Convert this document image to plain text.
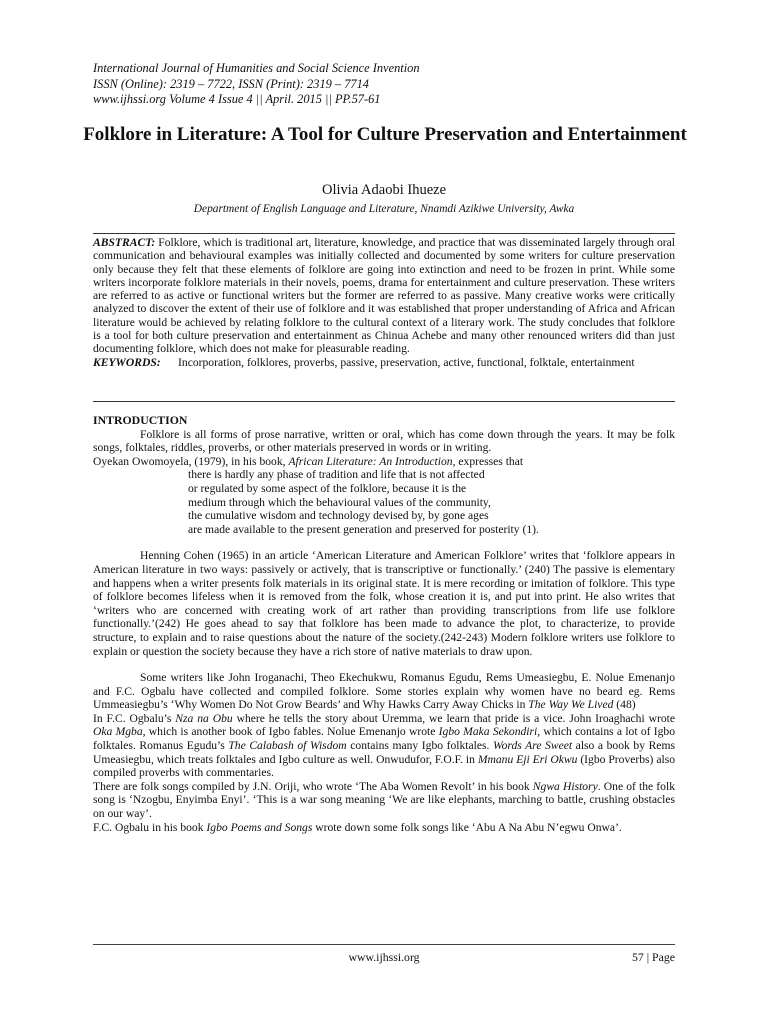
International Journal of Humanities and Social Science Invention
ISSN (Online): 2319 – 7722, ISSN (Print): 2319 – 7714
www.ijhssi.org Volume 4 Issue 4 || April. 2015 || PP.57-61
Folklore in Literature: A Tool for Culture Preservation and Entertainment
Olivia Adaobi Ihueze
Department of English Language and Literature, Nnamdi Azikiwe University, Awka

ABSTRACT: Folklore, which is traditional art, literature, knowledge, and practice that was disseminated largely through oral communication and behavioural examples was initially collected and documented by some writers for culture preservation only because they felt that these elements of folklore are going into extinction and need to be frozen in print. While some writers incorporate folklore materials in their novels, poems, drama for entertainment and culture preservation. These writers are referred to as active or functional writers but the former are referred to as passive. Many creative works were critically analyzed to discover the extent of their use of folklore and it was established that proper understanding of Africa and African literature would be achieved by relating folklore to the cultural context of a literary work. The study concludes that folklore is a tool for both culture preservation and entertainment as Chinua Achebe and many other renounced writers did than just documenting folklore, which does not make for pleasurable reading.

KEYWORDS: Incorporation, folklores, proverbs, passive, preservation, active, functional, folktale, entertainment

INTRODUCTION

Folklore is all forms of prose narrative, written or oral, which has come down through the years. It may be folk songs, folktales, riddles, proverbs, or other materials preserved in words or in writing.

Oyekan Owomoyela, (1979), in his book, African Literature: An Introduction, expresses that

there is hardly any phase of tradition and life that is not affected
or regulated by some aspect of the folklore, because it is the
medium through which the behavioural values of the community,
the cumulative wisdom and technology devised by, by gone ages
are made available to the present generation and preserved for posterity (1).

Henning Cohen (1965) in an article ‘American Literature and American Folklore’ writes that ‘folklore appears in American literature in two ways: passively or actively, that is transcriptive or functionally.’ (240) The passive is elementary and happens when a writer presents folk materials in its original state. It is mere recording or imitation of folklore. This type of folklore becomes lifeless when it is removed from the folk, whose creation it is, and put into print. He also writes that ‘writers who are concerned with creating work of art rather than providing transcriptions from life use folklore functionally.’(242) He goes ahead to say that folklore has been made to advance the plot, to characterize, to provide structure, to explain and to raise questions about the nature of the society.(242-243) Modern folklore writers use folklore to explain or question the society because they have a rich store of native materials to draw upon.

Some writers like John Iroganachi, Theo Ekechukwu, Romanus Egudu, Rems Umeasiegbu, E. Nolue Emenanjo and F.C. Ogbalu have collected and compiled folklore. Some stories explain why women have no beard eg. Rems Ummeasiegbu’s ‘Why Women Do Not Grow Beards’ and Why Hawks Carry Away Chicks in The Way We Lived (48)

In F.C. Ogbalu’s Nza na Obu where he tells the story about Uremma, we learn that pride is a vice. John Iroaghachi wrote Oka Mgba, which is another book of Igbo fables. Nolue Emenanjo wrote Igbo Maka Sekondiri, which contains a lot of Igbo folktales. Romanus Egudu’s The Calabash of Wisdom contains many Igbo folktales. Words Are Sweet also a book by Rems Umeasiegbu, which treats folktales and Igbo culture as well. Onwudufor, F.O.F. in Mmanu Eji Eri Okwu (Igbo Proverbs) also compiled proverbs with commentaries.

There are folk songs compiled by J.N. Oriji, who wrote ‘The Aba Women Revolt’ in his book Ngwa History. One of the folk song is ‘Nzogbu, Enyimba Enyi’. ‘This is a war song meaning ‘We are like elephants, marching to battle, crushing obstacles on our way’.

F.C. Ogbalu in his book Igbo Poems and Songs wrote down some folk songs like ‘Abu A Na Abu N’egwu Onwa’.

www.ijhssi.org	57 | Page
